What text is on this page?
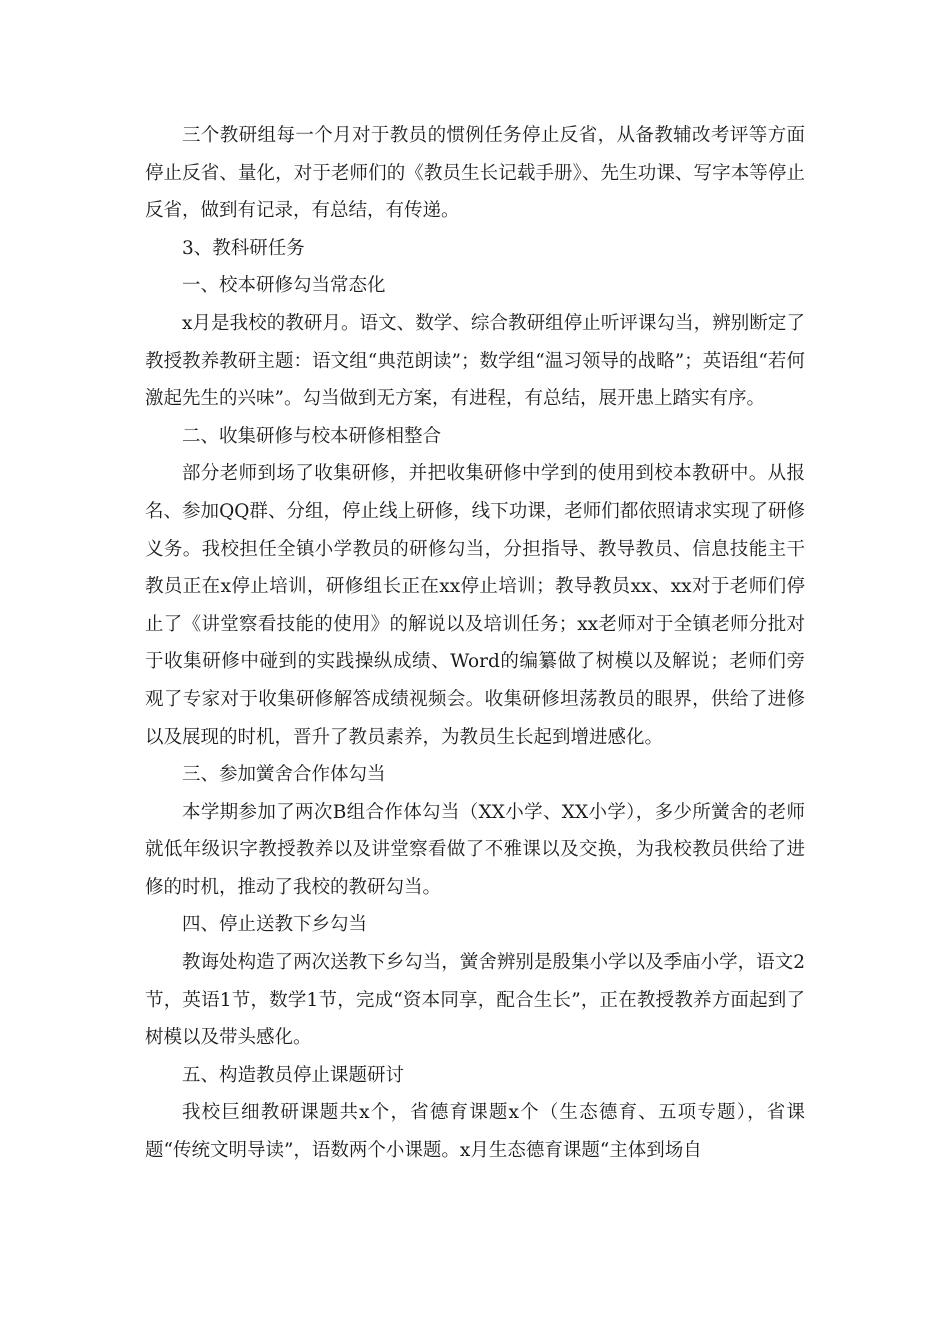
三个教研组每一个月对于教员的惯例任务停止反省，从备教辅改考评等方面停止反省、量化，对于老师们的《教员生长记载手册》、先生功课、写字本等停止反省，做到有记录，有总结，有传递。

3、教科研任务

一、校本研修勾当常态化

x月是我校的教研月。语文、数学、综合教研组停止听评课勾当，辨别断定了教授教养教研主题：语文组“典范朗读”；数学组“温习领导的战略”；英语组“若何激起先生的兴味”。勾当做到无方案，有进程，有总结，展开患上踏实有序。

二、收集研修与校本研修相整合

部分老师到场了收集研修，并把收集研修中学到的使用到校本教研中。从报名、参加QQ群、分组，停止线上研修，线下功课，老师们都依照请求实现了研修义务。我校担任全镇小学教员的研修勾当，分担指导、教导教员、信息技能主干教员正在x停止培训，研修组长正在xx停止培训；教导教员xx、xx对于老师们停止了《讲堂察看技能的使用》的解说以及培训任务；xx老师对于全镇老师分批对于收集研修中碰到的实践操纵成绩、Word的编纂做了树模以及解说；老师们旁观了专家对于收集研修解答成绩视频会。收集研修坦荡教员的眼界，供给了进修以及展现的时机，晋升了教员素养，为教员生长起到增进感化。

三、参加黉舍合作体勾当

本学期参加了两次B组合作体勾当（XX小学、XX小学），多少所黉舍的老师就低年级识字教授教养以及讲堂察看做了不雅课以及交换，为我校教员供给了进修的时机，推动了我校的教研勾当。

四、停止送教下乡勾当

教诲处构造了两次送教下乡勾当，黉舍辨别是殷集小学以及季庙小学，语文2节，英语1节，数学1节，完成“资本同享，配合生长”，正在教授教养方面起到了树模以及带头感化。

五、构造教员停止课题研讨

我校巨细教研课题共x个，省德育课题x个（生态德育、五项专题），省课题“传统文明导读”，语数两个小课题。x月生态德育课题“主体到场自
